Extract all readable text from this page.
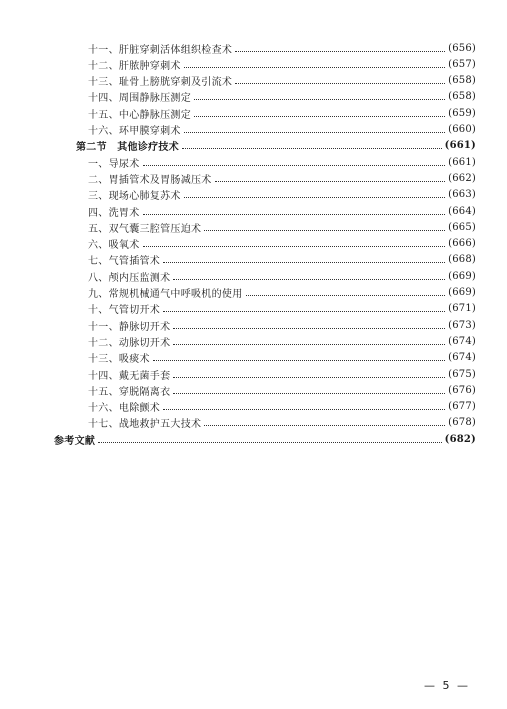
十一、肝脏穿刺活体组织检查术	(656)
十二、肝脓肿穿刺术	(657)
十三、耻骨上膀胱穿刺及引流术	(658)
十四、周围静脉压测定	(658)
十五、中心静脉压测定	(659)
十六、环甲膜穿刺术	(660)
第二节　其他诊疗技术	(661)
一、导尿术	(661)
二、胃插管术及胃肠减压术	(662)
三、现场心肺复苏术	(663)
四、洗胃术	(664)
五、双气囊三腔管压迫术	(665)
六、吸氧术	(666)
七、气管插管术	(668)
八、颅内压监测术	(669)
九、常规机械通气中呼吸机的使用	(669)
十、气管切开术	(671)
十一、静脉切开术	(673)
十二、动脉切开术	(674)
十三、吸痰术	(674)
十四、戴无菌手套	(675)
十五、穿脱隔离衣	(676)
十六、电除颤术	(677)
十七、战地救护五大技术	(678)
参考文献	(682)
— 5 —
